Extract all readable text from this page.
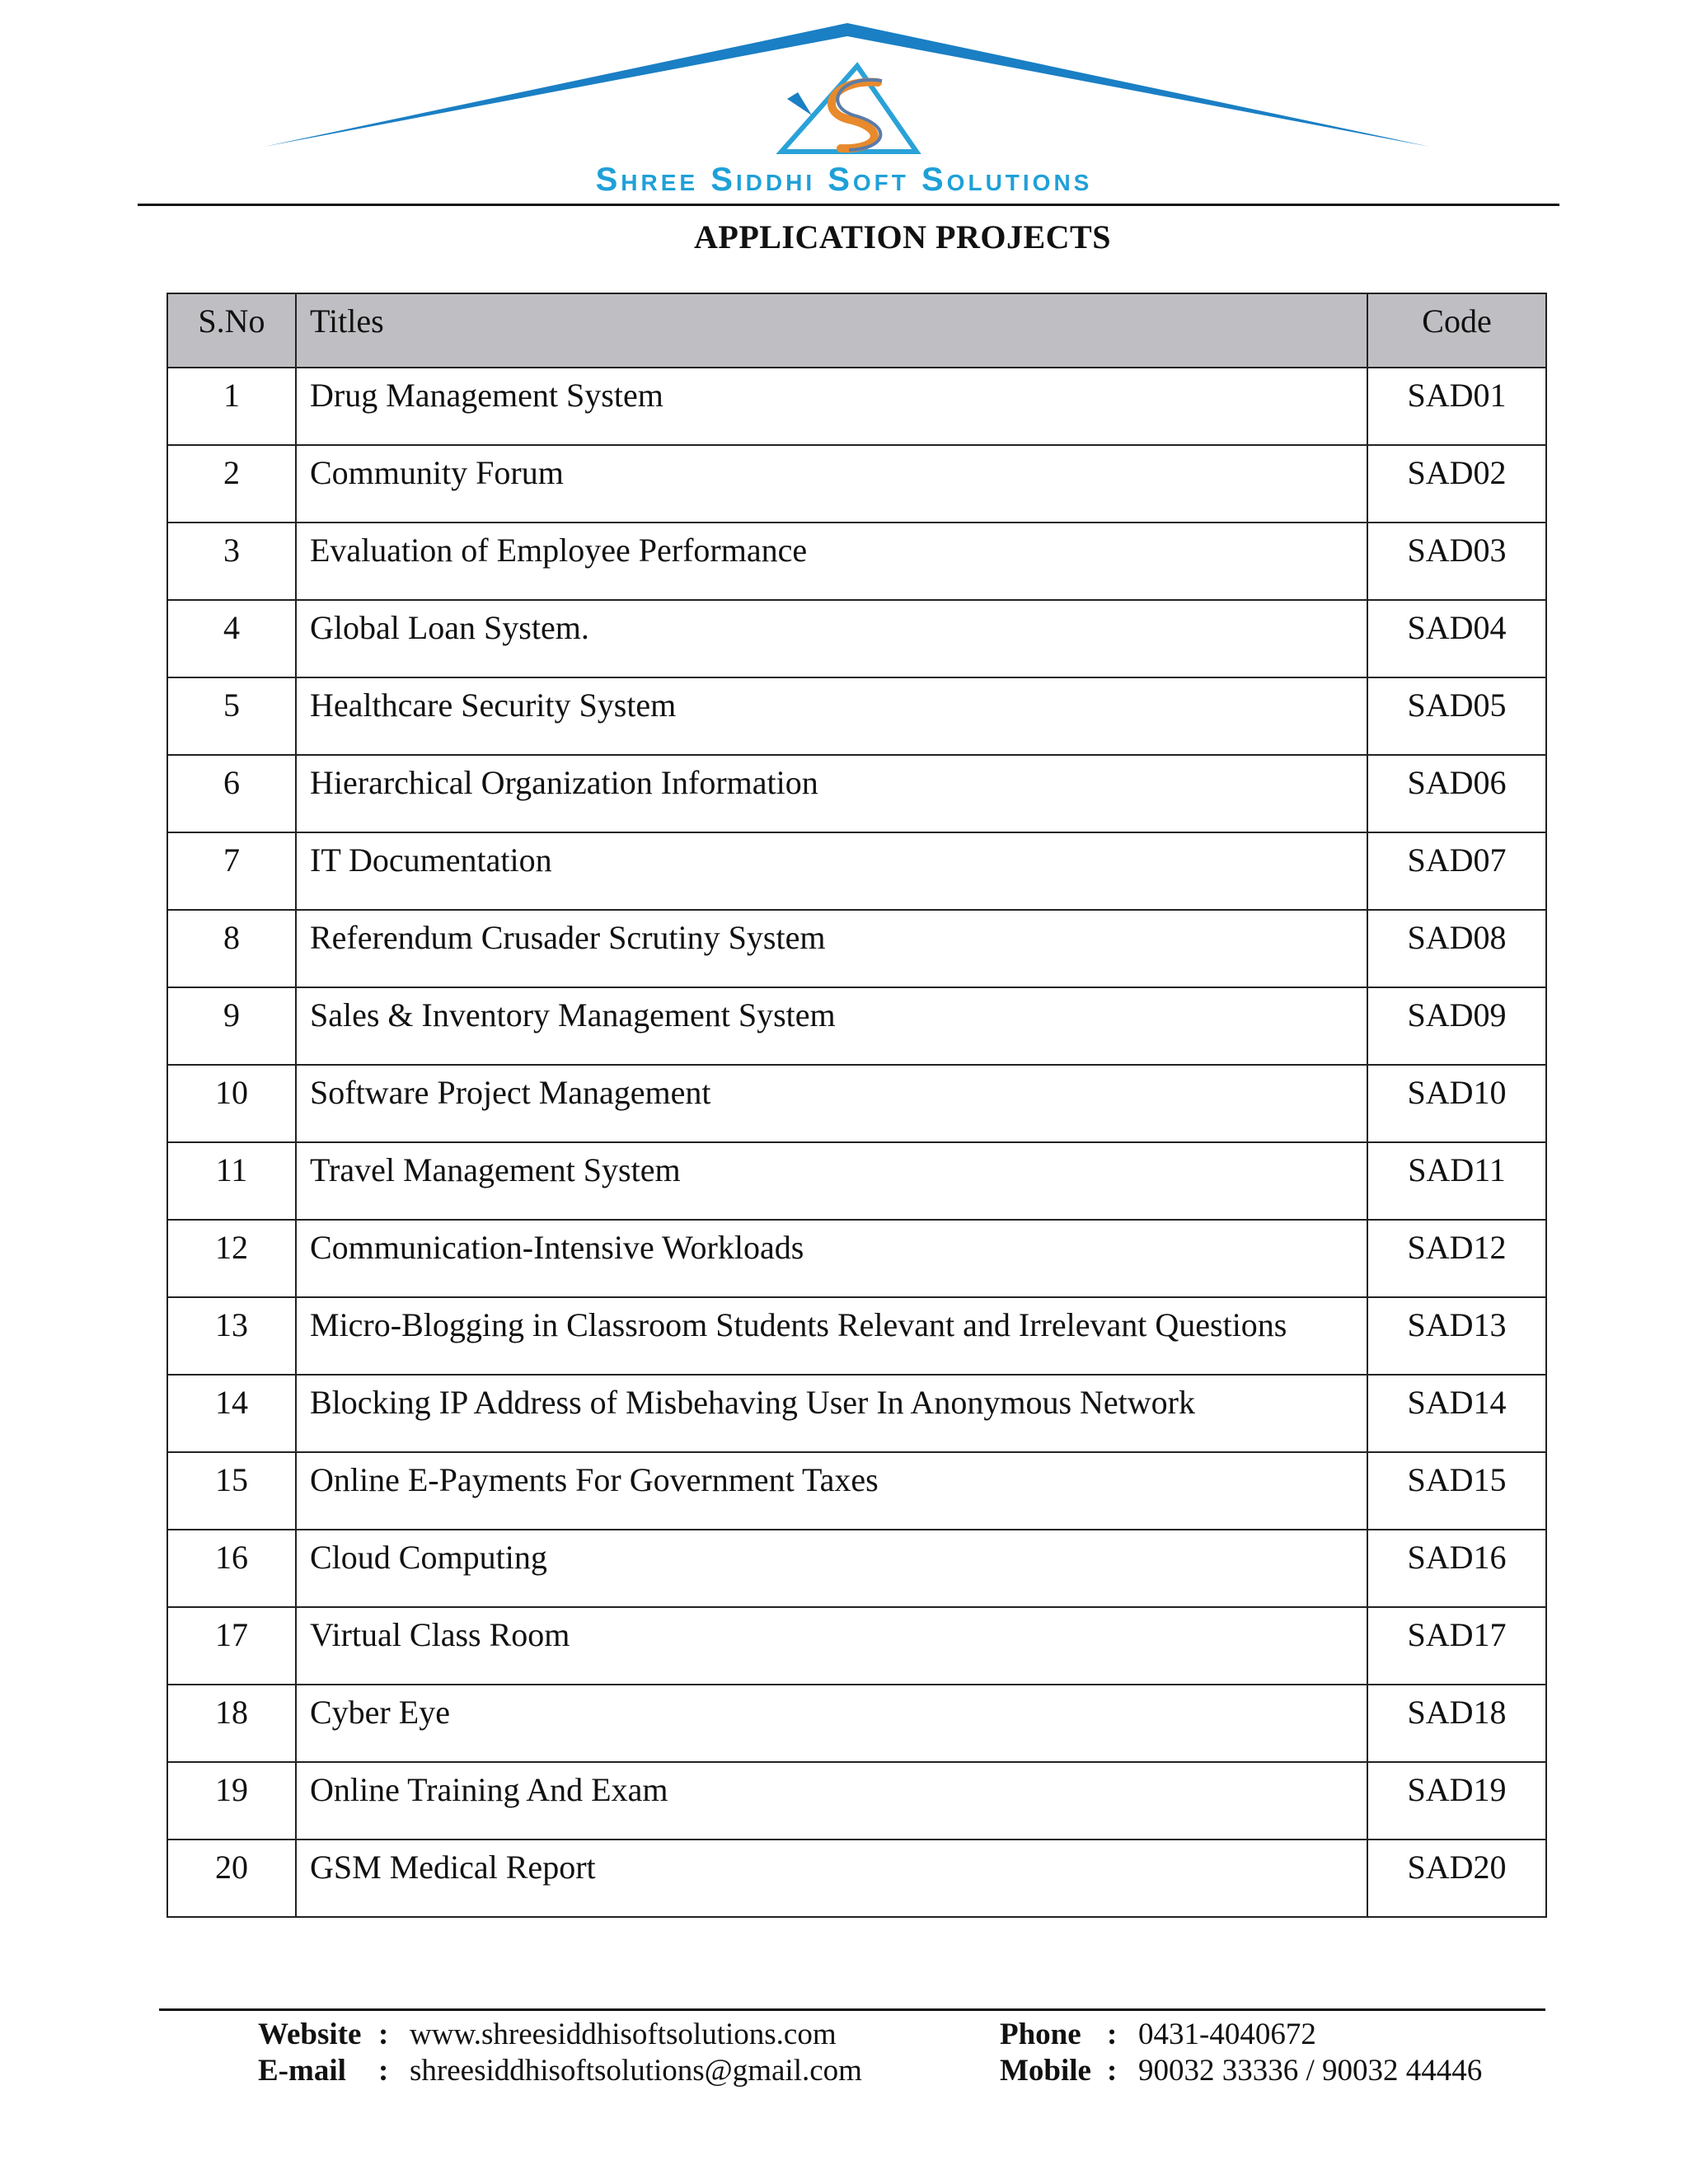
Shree Siddhi Soft Solutions
APPLICATION PROJECTS
S.No	Titles	Code
1	Drug Management System	SAD01
2	Community Forum	SAD02
3	Evaluation of Employee Performance	SAD03
4	Global Loan System.	SAD04
5	Healthcare Security System	SAD05
6	Hierarchical Organization Information	SAD06
7	IT Documentation	SAD07
8	Referendum Crusader Scrutiny System	SAD08
9	Sales & Inventory Management System	SAD09
10	Software Project Management	SAD10
11	Travel Management System	SAD11
12	Communication-Intensive Workloads	SAD12
13	Micro-Blogging in Classroom Students Relevant and Irrelevant Questions	SAD13
14	Blocking IP Address of Misbehaving User In Anonymous Network	SAD14
15	Online E-Payments For Government Taxes	SAD15
16	Cloud Computing	SAD16
17	Virtual Class Room	SAD17
18	Cyber Eye	SAD18
19	Online Training And Exam	SAD19
20	GSM Medical Report	SAD20
Website : www.shreesiddhisoftsolutions.com
E-mail : shreesiddhisoftsolutions@gmail.com
Phone : 0431-4040672
Mobile : 90032 33336 / 90032 44446
